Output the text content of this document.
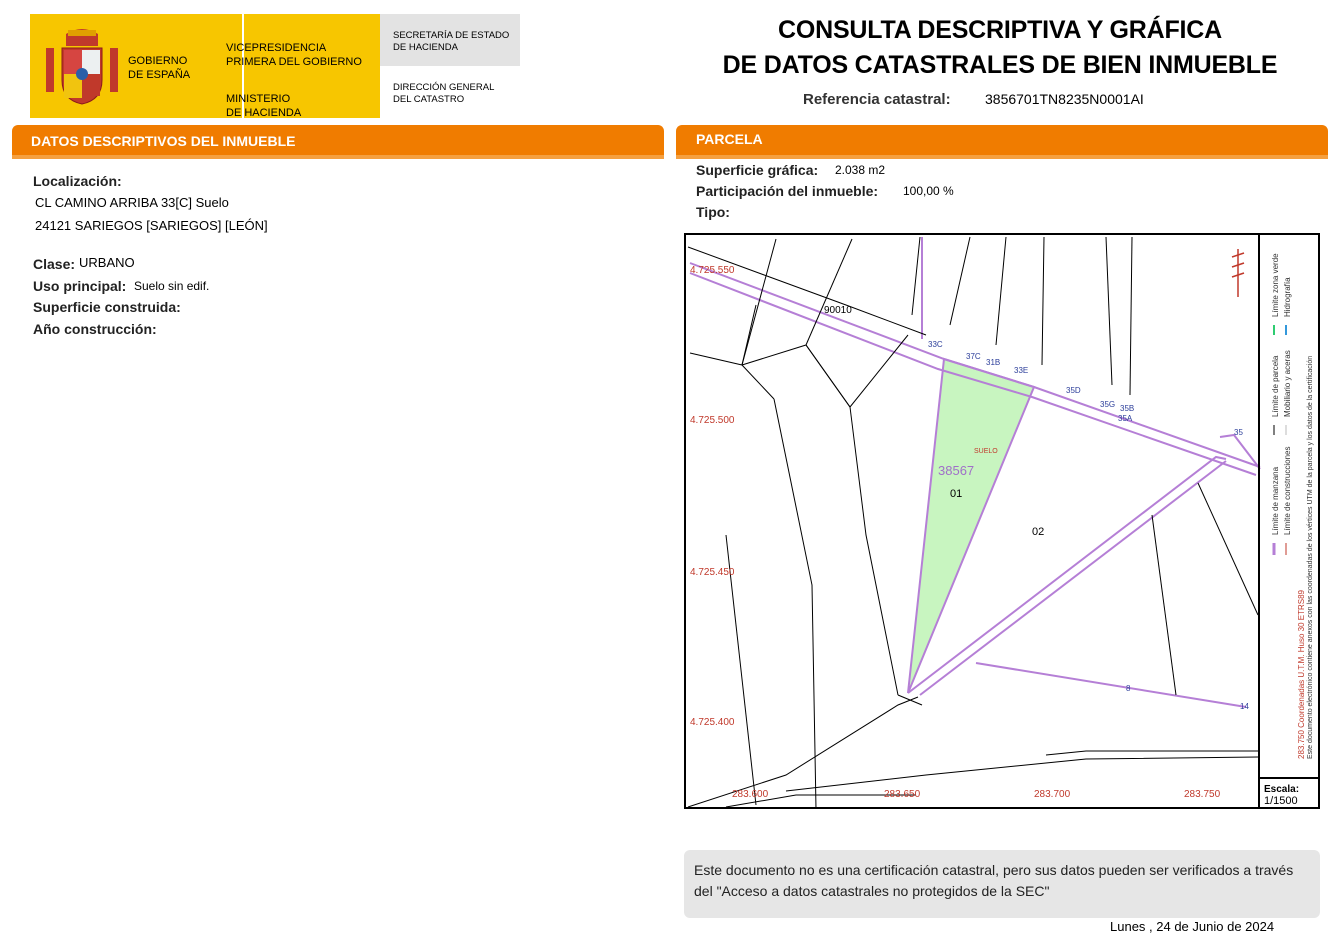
GOBIERNO
DE ESPAÑA
VICEPRESIDENCIA
PRIMERA DEL GOBIERNO
MINISTERIO
DE HACIENDA
SECRETARÍA DE ESTADO
DE HACIENDA
DIRECCIÓN GENERAL
DEL CATASTRO
CONSULTA DESCRIPTIVA Y GRÁFICA
DE DATOS CATASTRALES DE BIEN INMUEBLE
Referencia catastral: 3856701TN8235N0001AI
DATOS DESCRIPTIVOS DEL INMUEBLE
Localización:
CL CAMINO ARRIBA 33[C] Suelo
24121 SARIEGOS [SARIEGOS] [LEÓN]
Clase: URBANO
Uso principal: Suelo sin edif.
Superficie construida:
Año construcción:
PARCELA
Superficie gráfica: 2.038 m2
Participación del inmueble: 100,00 %
Tipo:
4.725.550
4.725.500
4.725.450
4.725.400
283.600	283.650	283.700	283.750
38567
01
SUELO
02
90010
33C
37C
31B
33E
35D
35G 35B
35A
35
8
14
Límite de manzana
Límite de parcela
Límite de construcciones
Mobiliario y aceras
Límite zona verde Hidrografía
283.750 Coordenadas U.T.M. Huso 30 ETRS89 Este documento electrónico contiene anexos con las coordenadas de los vértices UTM de la parcela y los datos de la certificación
Escala:
1/1500
Este documento no es una certificación catastral, pero sus datos pueden ser verificados a través del "Acceso a datos catastrales no protegidos de la SEC"
Lunes , 24 de Junio de 2024
